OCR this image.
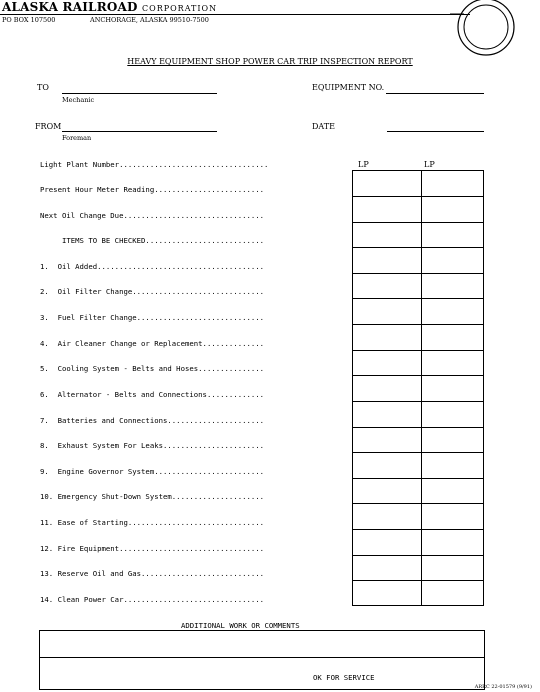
ALASKA RAILROAD CORPORATION
PO BOX 107500	ANCHORAGE, ALASKA 99510-7500
HEAVY EQUIPMENT SHOP POWER CAR TRIP INSPECTION REPORT
TO
Mechanic
EQUIPMENT NO.
FROM
Foreman
DATE
LP	LP
Light Plant Number..................................
Present Hour Meter Reading.........................
Next Oil Change Due................................
ITEMS TO BE CHECKED...........................
1.  Oil Added......................................
2.  Oil Filter Change..............................
3.  Fuel Filter Change.............................
4.  Air Cleaner Change or Replacement..............
5.  Cooling System - Belts and Hoses...............
6.  Alternator - Belts and Connections.............
7.  Batteries and Connections......................
8.  Exhaust System For Leaks.......................
9.  Engine Governor System.........................
10. Emergency Shut-Down System.....................
11. Ease of Starting...............................
12. Fire Equipment.................................
13. Reserve Oil and Gas............................
14. Clean Power Car................................
ADDITIONAL WORK OR COMMENTS
OK FOR SERVICE
ARRC 22-01579 (9/91)
